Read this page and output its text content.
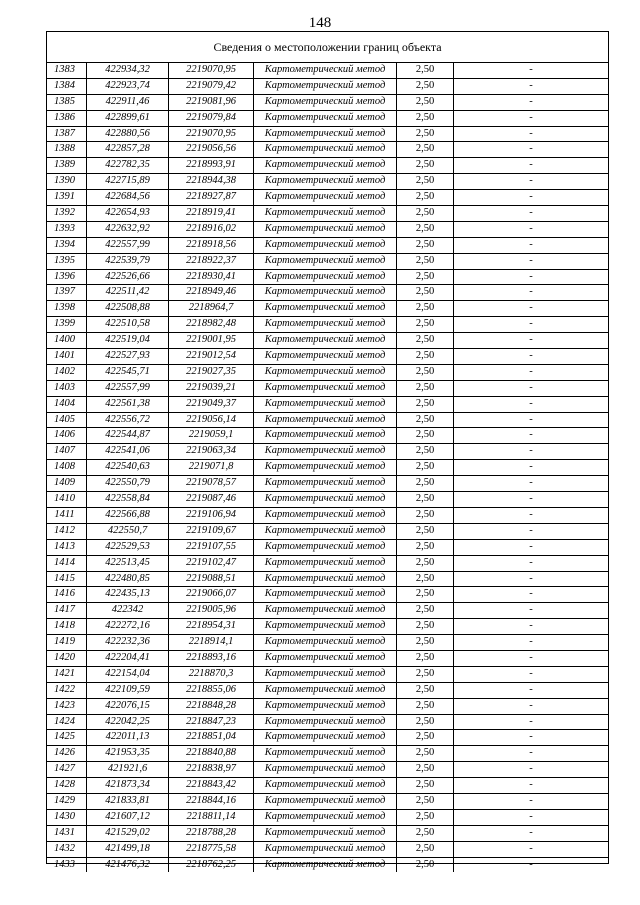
148
Сведения о местоположении границ объекта
1383	422934,32	2219070,95	Картометрический метод	2,50	-
1384	422923,74	2219079,42	Картометрический метод	2,50	-
1385	422911,46	2219081,96	Картометрический метод	2,50	-
1386	422899,61	2219079,84	Картометрический метод	2,50	-
1387	422880,56	2219070,95	Картометрический метод	2,50	-
1388	422857,28	2219056,56	Картометрический метод	2,50	-
1389	422782,35	2218993,91	Картометрический метод	2,50	-
1390	422715,89	2218944,38	Картометрический метод	2,50	-
1391	422684,56	2218927,87	Картометрический метод	2,50	-
1392	422654,93	2218919,41	Картометрический метод	2,50	-
1393	422632,92	2218916,02	Картометрический метод	2,50	-
1394	422557,99	2218918,56	Картометрический метод	2,50	-
1395	422539,79	2218922,37	Картометрический метод	2,50	-
1396	422526,66	2218930,41	Картометрический метод	2,50	-
1397	422511,42	2218949,46	Картометрический метод	2,50	-
1398	422508,88	2218964,7	Картометрический метод	2,50	-
1399	422510,58	2218982,48	Картометрический метод	2,50	-
1400	422519,04	2219001,95	Картометрический метод	2,50	-
1401	422527,93	2219012,54	Картометрический метод	2,50	-
1402	422545,71	2219027,35	Картометрический метод	2,50	-
1403	422557,99	2219039,21	Картометрический метод	2,50	-
1404	422561,38	2219049,37	Картометрический метод	2,50	-
1405	422556,72	2219056,14	Картометрический метод	2,50	-
1406	422544,87	2219059,1	Картометрический метод	2,50	-
1407	422541,06	2219063,34	Картометрический метод	2,50	-
1408	422540,63	2219071,8	Картометрический метод	2,50	-
1409	422550,79	2219078,57	Картометрический метод	2,50	-
1410	422558,84	2219087,46	Картометрический метод	2,50	-
1411	422566,88	2219106,94	Картометрический метод	2,50	-
1412	422550,7	2219109,67	Картометрический метод	2,50	-
1413	422529,53	2219107,55	Картометрический метод	2,50	-
1414	422513,45	2219102,47	Картометрический метод	2,50	-
1415	422480,85	2219088,51	Картометрический метод	2,50	-
1416	422435,13	2219066,07	Картометрический метод	2,50	-
1417	422342	2219005,96	Картометрический метод	2,50	-
1418	422272,16	2218954,31	Картометрический метод	2,50	-
1419	422232,36	2218914,1	Картометрический метод	2,50	-
1420	422204,41	2218893,16	Картометрический метод	2,50	-
1421	422154,04	2218870,3	Картометрический метод	2,50	-
1422	422109,59	2218855,06	Картометрический метод	2,50	-
1423	422076,15	2218848,28	Картометрический метод	2,50	-
1424	422042,25	2218847,23	Картометрический метод	2,50	-
1425	422011,13	2218851,04	Картометрический метод	2,50	-
1426	421953,35	2218840,88	Картометрический метод	2,50	-
1427	421921,6	2218838,97	Картометрический метод	2,50	-
1428	421873,34	2218843,42	Картометрический метод	2,50	-
1429	421833,81	2218844,16	Картометрический метод	2,50	-
1430	421607,12	2218811,14	Картометрический метод	2,50	-
1431	421529,02	2218788,28	Картометрический метод	2,50	-
1432	421499,18	2218775,58	Картометрический метод	2,50	-
1433	421476,32	2218762,25	Картометрический метод	2,50	-
